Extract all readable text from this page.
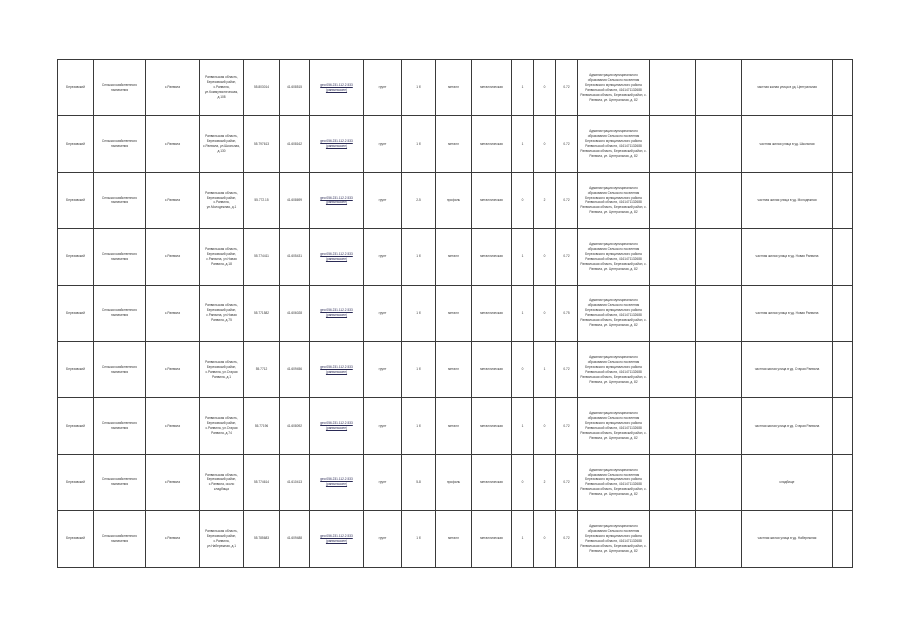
Березовский	Сельскохозяйственного назначения	с.Ранвила	Ранвильская область, Березовский район, с.Ранвила, ул.Коммунистическая, д.108	55.803014	41.608515	geo:056.231.112.2.533 (ранвилскоее)	грунт	1 б	металл	металлическая	1	0	0.72	Администрация муниципального образования Сельского поселения Березовского муниципального района Ранвильской области, 4161471132688 Ранвильская область, Березовский район, с. Ранвила, ул. Центральная, д. 82			частная жилая улица в уд. Центральная	
Березовский	Сельскохозяйственного назначения	с.Ранвила	Ранвильская область, Березовский район, с.Ранвила, ул.Школьная, д.130	55.797613	41.608162	geo:056.231.112.2.533 (ранвилскоее)	грунт	1 б	металл	металлическая	1	0	0.72	Администрация муниципального образования Сельского поселения Березовского муниципального района Ранвильской области, 4161471132688 Ранвильская область, Березовский район, с. Ранвила, ул. Центральная, д. 82			частная жилая улица в уд. Школьная	
Березовский	Сельскохозяйственного назначения	с.Ранвила	Ранвильская область, Березовский район, с.Ранвила, ул.Молодежная, д.1	55.772.15	41.608699	geo:056.231.112.2.533 (ранвилскоее)	грунт	2-5	профиль	металлическая	0	2	0.72	Администрация муниципального образования Сельского поселения Березовского муниципального района Ранвильской области, 4161471132688 Ранвильская область, Березовский район, с. Ранвила, ул. Центральная, д. 82			частная жилая улица в уд. Молодежная	
Березовский	Сельскохозяйственного назначения	с.Ранвила	Ранвильская область, Березовский район, с.Ранвила, ул.Новая Ранвила, д.18	55.774411	41.605431	geo:056.231.112.2.533 (ранвилскоее)	грунт	1 б	металл	металлическая	1	0	0.72	Администрация муниципального образования Сельского поселения Березовского муниципального района Ранвильской области, 4161471132688 Ранвильская область, Березовский район, с. Ранвила, ул. Центральная, д. 82			частная жилая улица в уд. Новая Ранвила	
Березовский	Сельскохозяйственного назначения	с.Ранвила	Ранвильская область, Березовский район, с.Ранвила, ул.Новая Ранвила, д.75	55.771582	41.606028	geo:056.231.112.2.533 (ранвилскоее)	грунт	1 б	металл	металлическая	1	0	0.75	Администрация муниципального образования Сельского поселения Березовского муниципального района Ранвильской области, 4161471132688 Ранвильская область, Березовский район, с. Ранвила, ул. Центральная, д. 82			частная жилая улица в уд. Новая Ранвила	
Березовский	Сельскохозяйственного назначения	с.Ранвила	Ранвильская область, Березовский район, с.Ранвила, ул.Старая Ранвила, д.1	55.7712	41.609456	geo:056.231.112.2.533 (ранвилскоее)	грунт	1 б	металл	металлическая	0	1	0.72	Администрация муниципального образования Сельского поселения Березовского муниципального района Ранвильской области, 4161471132688 Ранвильская область, Березовский район, с. Ранвила, ул. Центральная, д. 82			частная жилая улица в уд. Старая Ранвила	
Березовский	Сельскохозяйственного назначения	с.Ранвила	Ранвильская область, Березовский район, с.Ранвила, ул.Старая Ранвила, д.74	55.77196	41.608092	geo:056.231.112.2.533 (ранвилскоее)	грунт	1 б	металл	металлическая	1	0	0.72	Администрация муниципального образования Сельского поселения Березовского муниципального района Ранвильской области, 4161471132688 Ранвильская область, Березовский район, с. Ранвила, ул. Центральная, д. 82			частная жилая улица в уд. Старая Ранвила	
Березовский	Сельскохозяйственного назначения	с.Ранвила	Ранвильская область, Березовский район, с.Ранвила, около кладбища	55.774614	41.610413	geo:056.231.112.2.533 (ранвилскоее)	грунт	5-8	профиль	металлическая	0	2	0.72	Администрация муниципального образования Сельского поселения Березовского муниципального района Ранвильской области, 4161471132688 Ранвильская область, Березовский район, с. Ранвила, ул. Центральная, д. 82			кладбище	
Березовский	Сельскохозяйственного назначения	с.Ранвила	Ранвильская область, Березовский район, с.Ранвила, ул.Набережная, д.1	55.785683	41.609488	geo:056.231.112.2.533 (ранвилскоее)	грунт	1 б	металл	металлическая	1	0	0.72	Администрация муниципального образования Сельского поселения Березовского муниципального района Ранвильской области, 4161471132688 Ранвильская область, Березовский район, с. Ранвила, ул. Центральная, д. 82			частная жилая улица в уд. Набережная	
